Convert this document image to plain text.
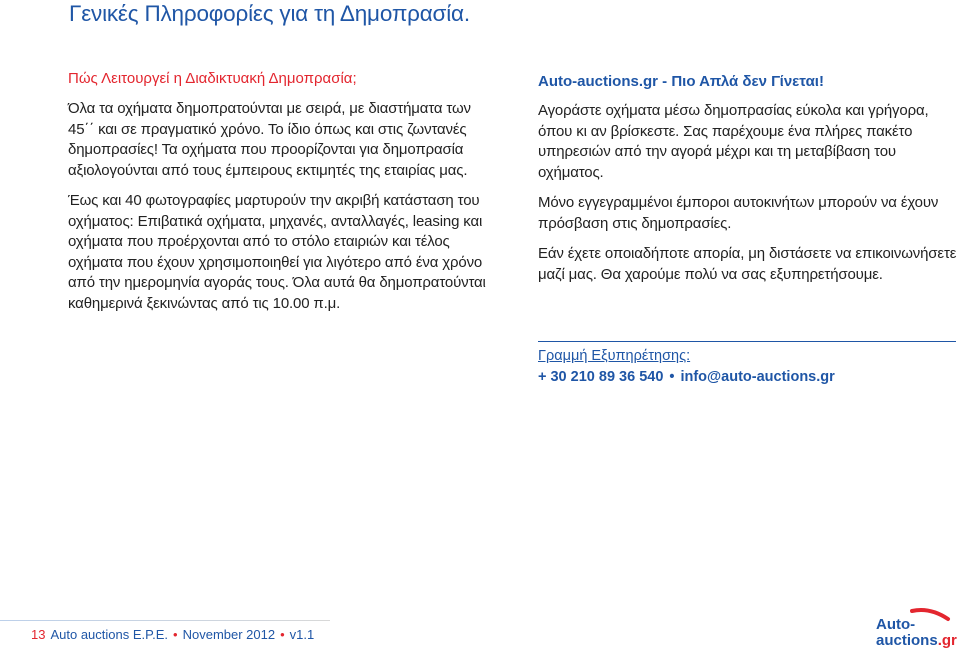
Γενικές Πληροφορίες για τη Δημοπρασία.

Πώς Λειτουργεί η Διαδικτυακή Δημοπρασία;

Όλα τα οχήματα δημοπρατούνται με σειρά, με διαστήματα των 45΄΄ και σε πραγματικό χρόνο. Το ίδιο όπως και στις ζωντανές δημοπρασίες! Τα οχήματα που προορίζονται για δημοπρασία αξιολογούνται από τους έμπειρους εκτιμητές της εταιρίας μας.

Έως και 40 φωτογραφίες μαρτυρούν την ακριβή κατάσταση του οχήματος: Επιβατικά οχήματα, μηχανές, ανταλλαγές, leasing και οχήματα που προέρχονται από το στόλο εταιριών και τέλος οχήματα που έχουν χρησιμοποιηθεί για λιγότερο από ένα χρόνο από την ημερομηνία αγοράς τους. Όλα αυτά θα δημοπρατούνται καθημερινά ξεκινώντας από τις 10.00 π.μ.

Auto-auctions.gr - Πιο Απλά δεν Γίνεται!

Αγοράστε οχήματα μέσω δημοπρασίας εύκολα και γρήγορα, όπου κι αν βρίσκεστε. Σας παρέχουμε ένα πλήρες πακέτο υπηρεσιών από την αγορά μέχρι και τη μεταβίβαση του οχήματος.

Μόνο εγγεγραμμένοι έμποροι αυτοκινήτων μπορούν να έχουν πρόσβαση στις δημοπρασίες.

Εάν έχετε οποιαδήποτε απορία, μη διστάσετε να επικοινωνήσετε μαζί μας. Θα χαρούμε πολύ να σας εξυπηρετήσουμε.

Γραμμή Εξυπηρέτησης:

+ 30 210 89 36 540 • info@auto-auctions.gr

13 Auto auctions E.P.E. • November 2012 • v1.1
Auto-
auctions.gr
